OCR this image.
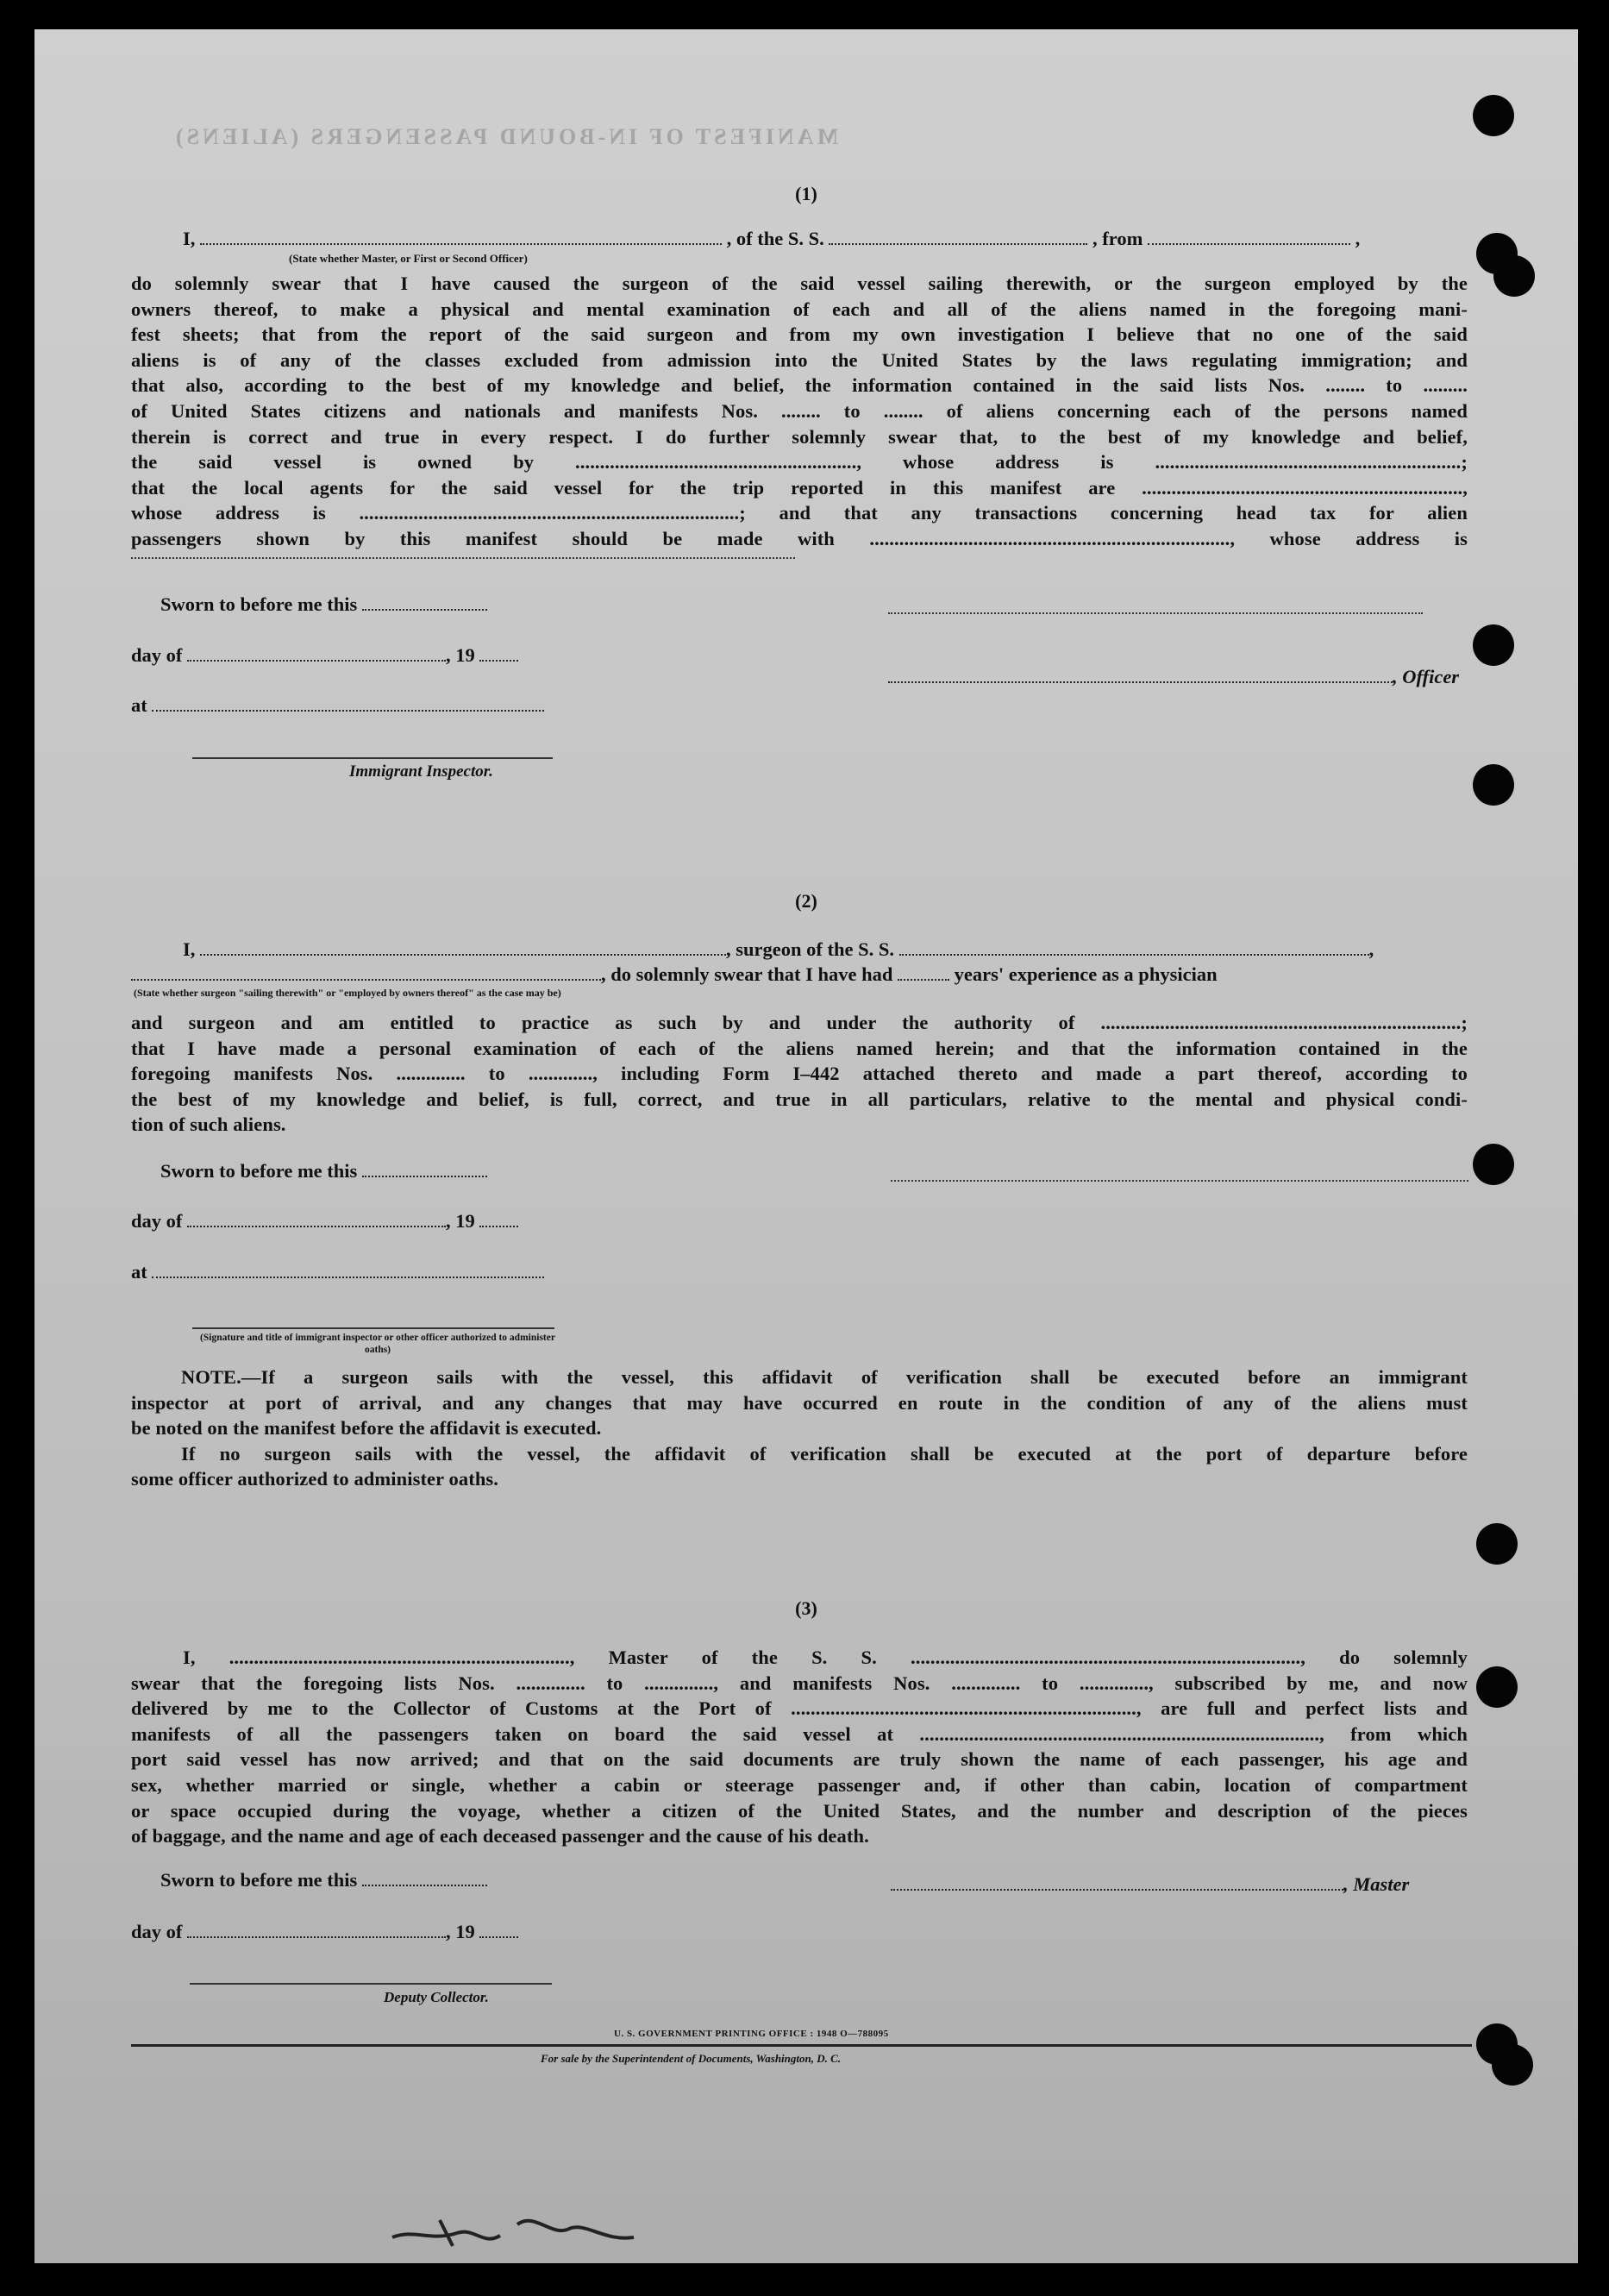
MANIFEST OF IN-BOUND PASSENGERS (ALIENS)
(1)
I,	, of the S. S.	, from	,
(State whether Master, or First or Second Officer)
do solemnly swear that I have caused the surgeon of the said vessel sailing therewith, or the surgeon employed by the
owners thereof, to make a physical and mental examination of each and all of the aliens named in the foregoing mani-
fest sheets; that from the report of the said surgeon and from my own investigation I believe that no one of the said
aliens is of any of the classes excluded from admission into the United States by the laws regulating immigration; and
that also, according to the best of my knowledge and belief, the information contained in the said lists Nos. ........ to .........
of United States citizens and nationals and manifests Nos. ........ to ........ of aliens concerning each of the persons named
therein is correct and true in every respect. I do further solemnly swear that, to the best of my knowledge and belief,
the said vessel is owned by ........................................................., whose address is ..............................................................;
that the local agents for the said vessel for the trip reported in this manifest are .................................................................,
whose address is .............................................................................; and that any transactions concerning head tax for alien
passengers shown by this manifest should be made with ........................................................................., whose address is
Sworn to before me this
day of	, 19
, Officer
at
Immigrant Inspector.
(2)
I,	, surgeon of the S. S.	,
, do solemnly swear that I have had	years' experience as a physician
(State whether surgeon "sailing therewith" or "employed by owners thereof" as the case may be)
and surgeon and am entitled to practice as such by and under the authority of .........................................................................;
that I have made a personal examination of each of the aliens named herein; and that the information contained in the
foregoing manifests Nos. .............. to ............., including Form I–442 attached thereto and made a part thereof, according to
the best of my knowledge and belief, is full, correct, and true in all particulars, relative to the mental and physical condi-
tion of such aliens.
Sworn to before me this
day of	, 19
at
(Signature and title of immigrant inspector or other officer authorized to administer oaths)
NOTE.—If a surgeon sails with the vessel, this affidavit of verification shall be executed before an immigrant
inspector at port of arrival, and any changes that may have occurred en route in the condition of any of the aliens must
be noted on the manifest before the affidavit is executed.
If no surgeon sails with the vessel, the affidavit of verification shall be executed at the port of departure before
some officer authorized to administer oaths.
(3)
I, ....................................................................., Master of the S. S. ..............................................................................., do solemnly
swear that the foregoing lists Nos. .............. to .............., and manifests Nos. .............. to .............., subscribed by me, and now
delivered by me to the Collector of Customs at the Port of ......................................................................, are full and perfect lists and
manifests of all the passengers taken on board the said vessel at ................................................................................., from which
port said vessel has now arrived; and that on the said documents are truly shown the name of each passenger, his age and
sex, whether married or single, whether a cabin or steerage passenger and, if other than cabin, location of compartment
or space occupied during the voyage, whether a citizen of the United States, and the number and description of the pieces
of baggage, and the name and age of each deceased passenger and the cause of his death.
Sworn to before me this	, Master
day of	, 19
Deputy Collector.
U. S. GOVERNMENT PRINTING OFFICE : 1948 O—788095
For sale by the Superintendent of Documents, Washington, D. C.
